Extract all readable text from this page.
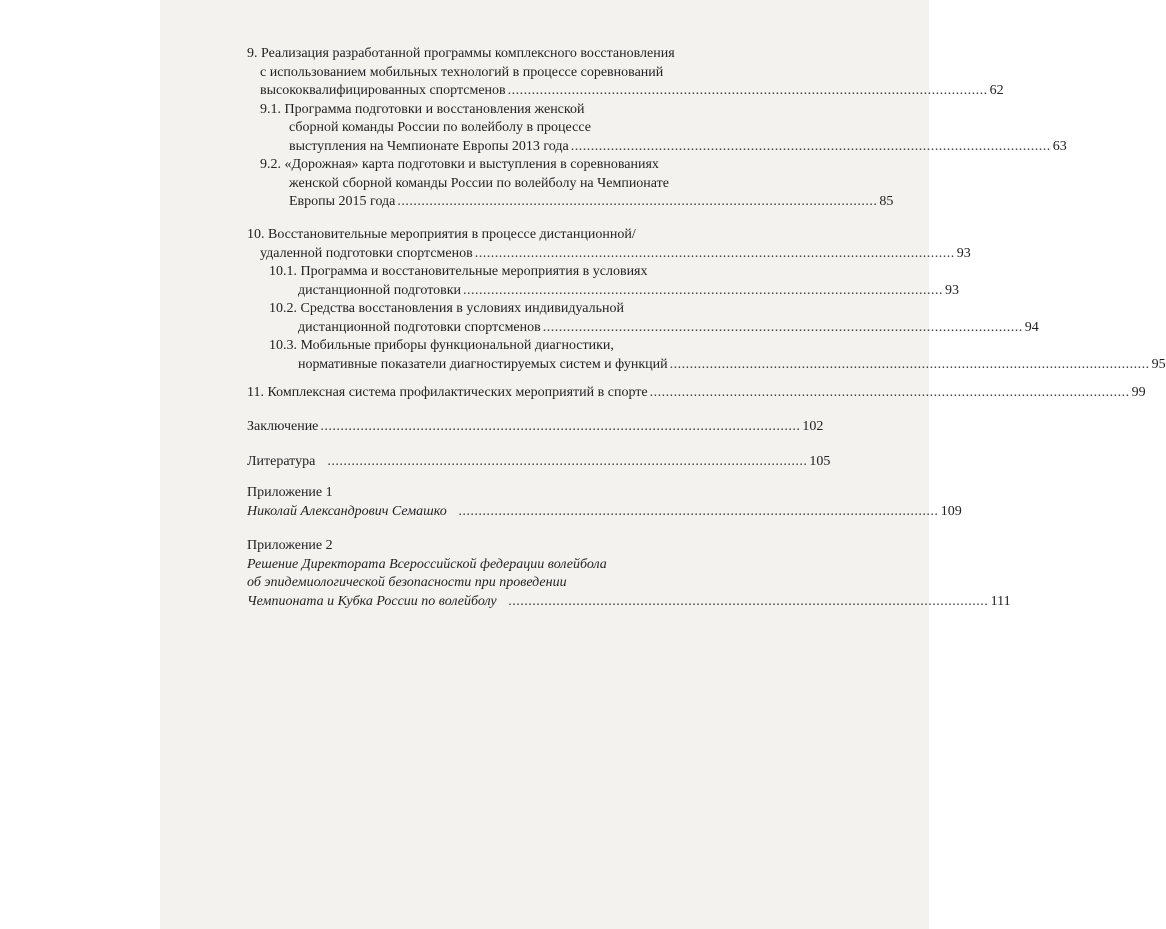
9. Реализация разработанной программы комплексного восстановления
с использованием мобильных технологий в процессе соревнований
высококвалифицированных спортсменов ........................................................................................................................ 62
9.1. Программа подготовки и восстановления женской
сборной команды России по волейболу в процессе
выступления на Чемпионате Европы 2013 года ........................................................................................................................ 63
9.2. «Дорожная» карта подготовки и выступления в соревнованиях
женской сборной команды России по волейболу на Чемпионате
Европы 2015 года ........................................................................................................................ 85
10. Восстановительные мероприятия в процессе дистанционной/
удаленной подготовки спортсменов ........................................................................................................................ 93
10.1. Программа и восстановительные мероприятия в условиях
дистанционной подготовки ........................................................................................................................ 93
10.2. Средства восстановления в условиях индивидуальной
дистанционной подготовки спортсменов ........................................................................................................................ 94
10.3. Мобильные приборы функциональной диагностики,
нормативные показатели диагностируемых систем и функций ........................................................................................................................ 95
11. Комплексная система профилактических мероприятий в спорте ........................................................................................................................ 99
Заключение ........................................................................................................................ 102
Литература ........................................................................................................................ 105
Приложение 1
Николай Александрович Семашко ........................................................................................................................ 109
Приложение 2
Решение Директората Всероссийской федерации волейбола
об эпидемиологической безопасности при проведении
Чемпионата и Кубка России по волейболу ........................................................................................................................ 111
